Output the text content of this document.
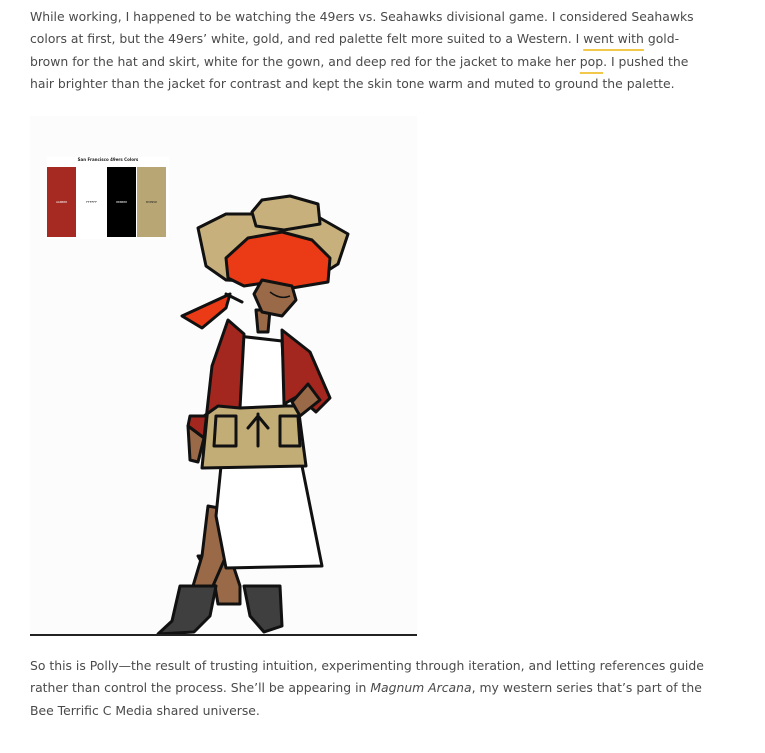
While working, I happened to be watching the 49ers vs. Seahawks divisional game. I considered Seahawks colors at first, but the 49ers’ white, gold, and red palette felt more suited to a Western. I went with gold-brown for the hat and skirt, white for the gown, and deep red for the jacket to make her pop. I pushed the hair brighter than the jacket for contrast and kept the skin tone warm and muted to ground the palette.

San Francisco 49ers Colors
AA0000	FFFFFF	000000	B3995D

So this is Polly—the result of trusting intuition, experimenting through iteration, and letting references guide rather than control the process. She’ll be appearing in Magnum Arcana, my western series that’s part of the Bee Terrific C Media shared universe.
